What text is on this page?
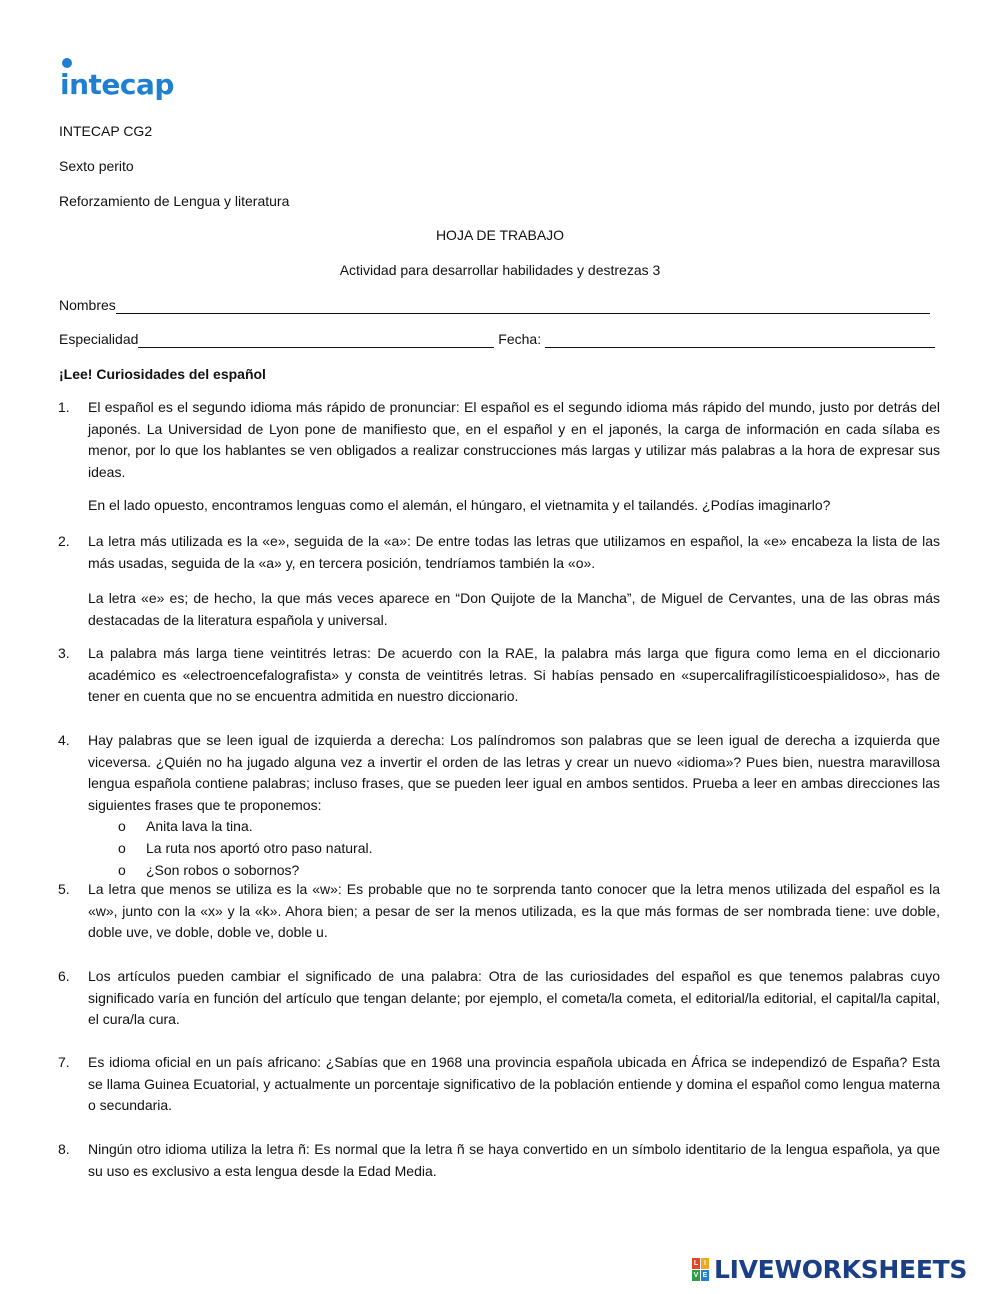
intecap
INTECAP CG2
Sexto perito
Reforzamiento de Lengua y literatura
HOJA DE TRABAJO
Actividad para desarrollar habilidades y destrezas 3
Nombres
Especialidad	Fecha:
¡Lee! Curiosidades del español
1.	El español es el segundo idioma más rápido de pronunciar: El español es el segundo idioma más rápido del mundo, justo por detrás del japonés. La Universidad de Lyon pone de manifiesto que, en el español y en el japonés, la carga de información en cada sílaba es menor, por lo que los hablantes se ven obligados a realizar construcciones más largas y utilizar más palabras a la hora de expresar sus ideas.
En el lado opuesto, encontramos lenguas como el alemán, el húngaro, el vietnamita y el tailandés. ¿Podías imaginarlo?
2.	La letra más utilizada es la «e», seguida de la «a»: De entre todas las letras que utilizamos en español, la «e» encabeza la lista de las más usadas, seguida de la «a» y, en tercera posición, tendríamos también la «o».
La letra «e» es; de hecho, la que más veces aparece en “Don Quijote de la Mancha”, de Miguel de Cervantes, una de las obras más destacadas de la literatura española y universal.
3.	La palabra más larga tiene veintitrés letras: De acuerdo con la RAE, la palabra más larga que figura como lema en el diccionario académico es «electroencefalografista» y consta de veintitrés letras. Si habías pensado en «supercalifragilísticoespialidoso», has de tener en cuenta que no se encuentra admitida en nuestro diccionario.
4.	Hay palabras que se leen igual de izquierda a derecha: Los palíndromos son palabras que se leen igual de derecha a izquierda que viceversa. ¿Quién no ha jugado alguna vez a invertir el orden de las letras y crear un nuevo «idioma»? Pues bien, nuestra maravillosa lengua española contiene palabras; incluso frases, que se pueden leer igual en ambos sentidos. Prueba a leer en ambas direcciones las siguientes frases que te proponemos:
o Anita lava la tina.
o La ruta nos aportó otro paso natural.
o ¿Son robos o sobornos?
5.	La letra que menos se utiliza es la «w»: Es probable que no te sorprenda tanto conocer que la letra menos utilizada del español es la «w», junto con la «x» y la «k». Ahora bien; a pesar de ser la menos utilizada, es la que más formas de ser nombrada tiene: uve doble, doble uve, ve doble, doble ve, doble u.
6.	Los artículos pueden cambiar el significado de una palabra: Otra de las curiosidades del español es que tenemos palabras cuyo significado varía en función del artículo que tengan delante; por ejemplo, el cometa/la cometa, el editorial/la editorial, el capital/la capital, el cura/la cura.
7.	Es idioma oficial en un país africano: ¿Sabías que en 1968 una provincia española ubicada en África se independizó de España? Esta se llama Guinea Ecuatorial, y actualmente un porcentaje significativo de la población entiende y domina el español como lengua materna o secundaria.
8.	Ningún otro idioma utiliza la letra ñ: Es normal que la letra ñ se haya convertido en un símbolo identitario de la lengua española, ya que su uso es exclusivo a esta lengua desde la Edad Media.
L I
V E LIVEWORKSHEETS
